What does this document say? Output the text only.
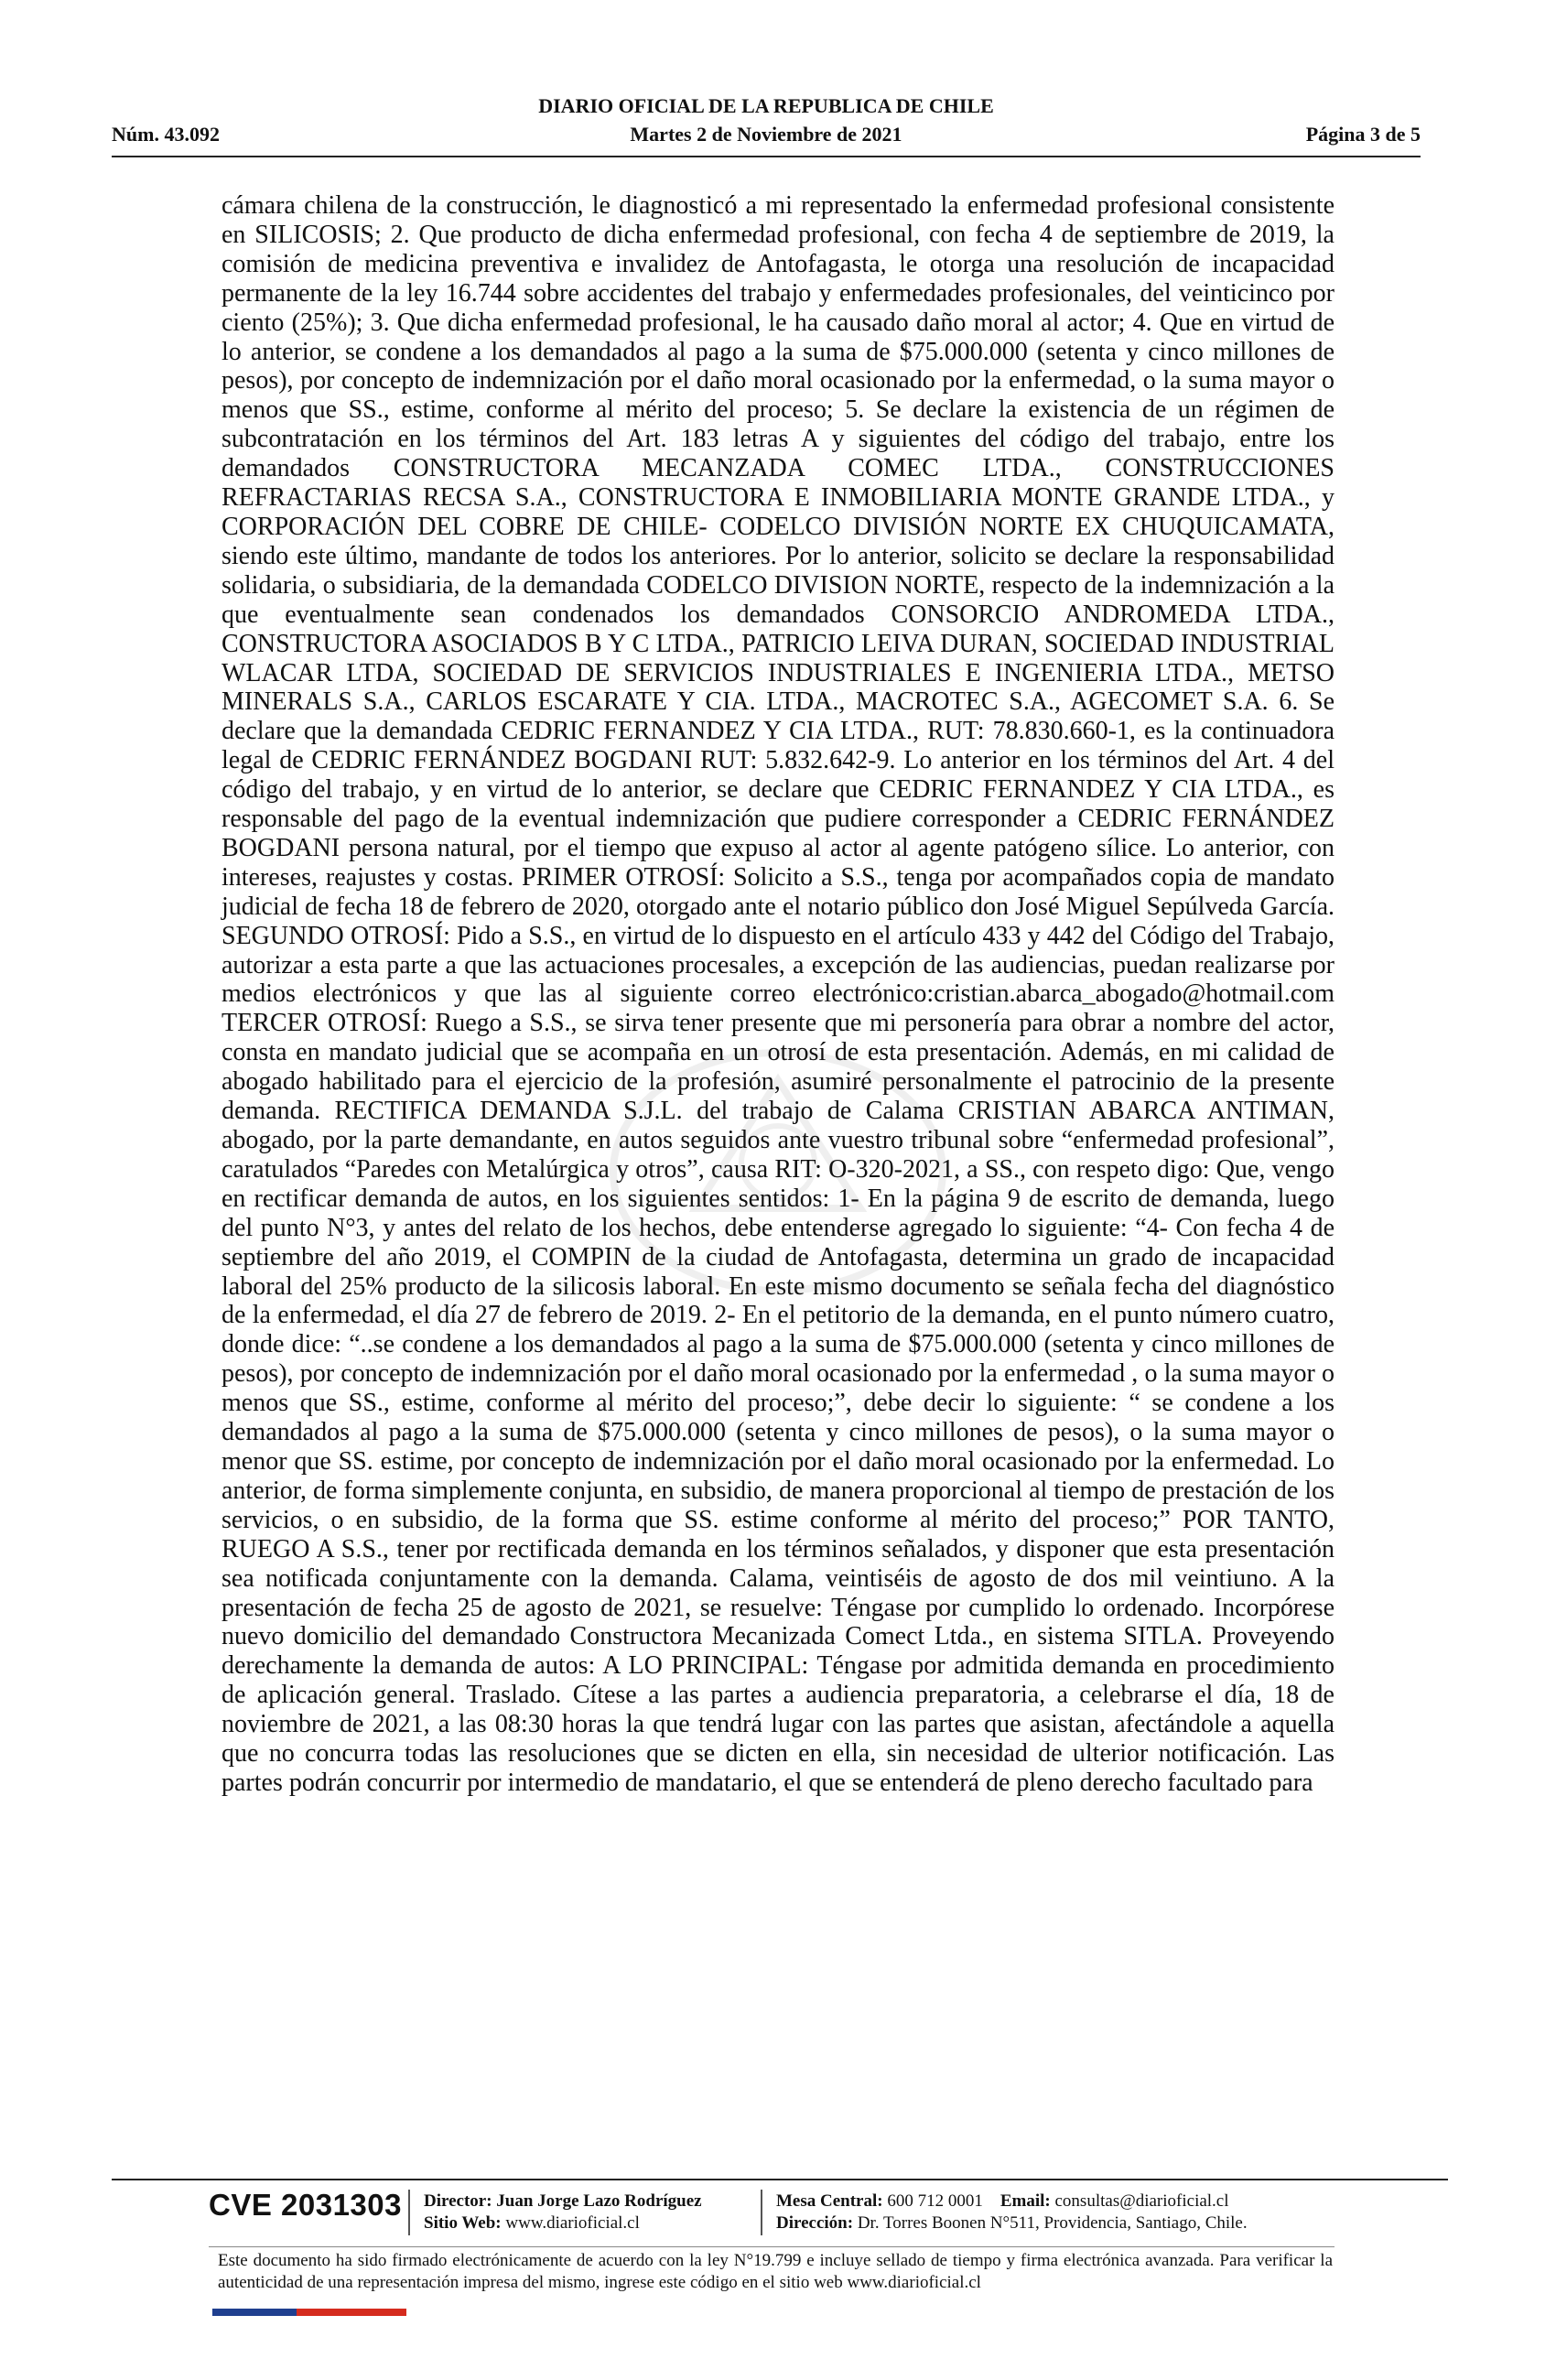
DIARIO OFICIAL DE LA REPUBLICA DE CHILE
Núm. 43.092	Martes 2 de Noviembre de 2021	Página 3 de 5
cámara chilena de la construcción, le diagnosticó a mi representado la enfermedad profesional consistente en SILICOSIS; 2. Que producto de dicha enfermedad profesional, con fecha 4 de septiembre de 2019, la comisión de medicina preventiva e invalidez de Antofagasta, le otorga una resolución de incapacidad permanente de la ley 16.744 sobre accidentes del trabajo y enfermedades profesionales, del veinticinco por ciento (25%); 3. Que dicha enfermedad profesional, le ha causado daño moral al actor; 4. Que en virtud de lo anterior, se condene a los demandados al pago a la suma de $75.000.000 (setenta y cinco millones de pesos), por concepto de indemnización por el daño moral ocasionado por la enfermedad, o la suma mayor o menos que SS., estime, conforme al mérito del proceso; 5. Se declare la existencia de un régimen de subcontratación en los términos del Art. 183 letras A y siguientes del código del trabajo, entre los demandados CONSTRUCTORA MECANZADA COMEC LTDA., CONSTRUCCIONES REFRACTARIAS RECSA S.A., CONSTRUCTORA E INMOBILIARIA MONTE GRANDE LTDA., y CORPORACIÓN DEL COBRE DE CHILE- CODELCO DIVISIÓN NORTE EX CHUQUICAMATA, siendo este último, mandante de todos los anteriores. Por lo anterior, solicito se declare la responsabilidad solidaria, o subsidiaria, de la demandada CODELCO DIVISION NORTE, respecto de la indemnización a la que eventualmente sean condenados los demandados CONSORCIO ANDROMEDA LTDA., CONSTRUCTORA ASOCIADOS B Y C LTDA., PATRICIO LEIVA DURAN, SOCIEDAD INDUSTRIAL WLACAR LTDA, SOCIEDAD DE SERVICIOS INDUSTRIALES E INGENIERIA LTDA., METSO MINERALS S.A., CARLOS ESCARATE Y CIA. LTDA., MACROTEC S.A., AGECOMET S.A. 6. Se declare que la demandada CEDRIC FERNANDEZ Y CIA LTDA., RUT: 78.830.660-1, es la continuadora legal de CEDRIC FERNÁNDEZ BOGDANI RUT: 5.832.642-9. Lo anterior en los términos del Art. 4 del código del trabajo, y en virtud de lo anterior, se declare que CEDRIC FERNANDEZ Y CIA LTDA., es responsable del pago de la eventual indemnización que pudiere corresponder a CEDRIC FERNÁNDEZ BOGDANI persona natural, por el tiempo que expuso al actor al agente patógeno sílice. Lo anterior, con intereses, reajustes y costas. PRIMER OTROSÍ: Solicito a S.S., tenga por acompañados copia de mandato judicial de fecha 18 de febrero de 2020, otorgado ante el notario público don José Miguel Sepúlveda García. SEGUNDO OTROSÍ: Pido a S.S., en virtud de lo dispuesto en el artículo 433 y 442 del Código del Trabajo, autorizar a esta parte a que las actuaciones procesales, a excepción de las audiencias, puedan realizarse por medios electrónicos y que las al siguiente correo electrónico:cristian.abarca_abogado@hotmail.com TERCER OTROSÍ: Ruego a S.S., se sirva tener presente que mi personería para obrar a nombre del actor, consta en mandato judicial que se acompaña en un otrosí de esta presentación. Además, en mi calidad de abogado habilitado para el ejercicio de la profesión, asumiré personalmente el patrocinio de la presente demanda. RECTIFICA DEMANDA S.J.L. del trabajo de Calama CRISTIAN ABARCA ANTIMAN, abogado, por la parte demandante, en autos seguidos ante vuestro tribunal sobre “enfermedad profesional”, caratulados “Paredes con Metalúrgica y otros”, causa RIT: O-320-2021, a SS., con respeto digo: Que, vengo en rectificar demanda de autos, en los siguientes sentidos: 1- En la página 9 de escrito de demanda, luego del punto N°3, y antes del relato de los hechos, debe entenderse agregado lo siguiente: “4- Con fecha 4 de septiembre del año 2019, el COMPIN de la ciudad de Antofagasta, determina un grado de incapacidad laboral del 25% producto de la silicosis laboral. En este mismo documento se señala fecha del diagnóstico de la enfermedad, el día 27 de febrero de 2019. 2- En el petitorio de la demanda, en el punto número cuatro, donde dice: “..se condene a los demandados al pago a la suma de $75.000.000 (setenta y cinco millones de pesos), por concepto de indemnización por el daño moral ocasionado por la enfermedad , o la suma mayor o menos que SS., estime, conforme al mérito del proceso;”, debe decir lo siguiente: “ se condene a los demandados al pago a la suma de $75.000.000 (setenta y cinco millones de pesos), o la suma mayor o menor que SS. estime, por concepto de indemnización por el daño moral ocasionado por la enfermedad. Lo anterior, de forma simplemente conjunta, en subsidio, de manera proporcional al tiempo de prestación de los servicios, o en subsidio, de la forma que SS. estime conforme al mérito del proceso;” POR TANTO, RUEGO A S.S., tener por rectificada demanda en los términos señalados, y disponer que esta presentación sea notificada conjuntamente con la demanda. Calama, veintiséis de agosto de dos mil veintiuno. A la presentación de fecha 25 de agosto de 2021, se resuelve: Téngase por cumplido lo ordenado. Incorpórese nuevo domicilio del demandado Constructora Mecanizada Comect Ltda., en sistema SITLA. Proveyendo derechamente la demanda de autos: A LO PRINCIPAL: Téngase por admitida demanda en procedimiento de aplicación general. Traslado. Cítese a las partes a audiencia preparatoria, a celebrarse el día, 18 de noviembre de 2021, a las 08:30 horas la que tendrá lugar con las partes que asistan, afectándole a aquella que no concurra todas las resoluciones que se dicten en ella, sin necesidad de ulterior notificación. Las partes podrán concurrir por intermedio de mandatario, el que se entenderá de pleno derecho facultado para
CVE 2031303 Director: Juan Jorge Lazo Rodríguez
Sitio Web: www.diarioficial.cl
Mesa Central: 600 712 0001 Email: consultas@diarioficial.cl
Dirección: Dr. Torres Boonen N°511, Providencia, Santiago, Chile.
Este documento ha sido firmado electrónicamente de acuerdo con la ley N°19.799 e incluye sellado de tiempo y firma electrónica avanzada. Para verificar la autenticidad de una representación impresa del mismo, ingrese este código en el sitio web www.diarioficial.cl
